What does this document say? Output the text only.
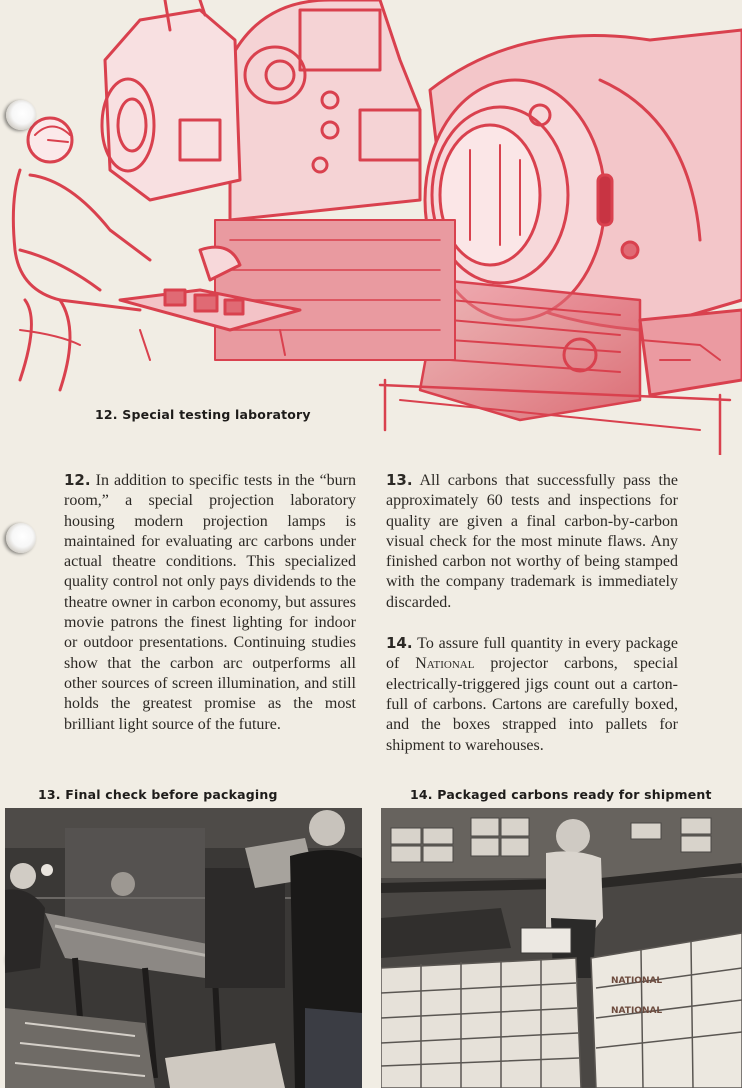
12. Special testing laboratory

12. In addition to specific tests in the “burn room,” a special projection laboratory housing modern projection lamps is maintained for evaluating arc carbons under actual theatre conditions. This specialized quality control not only pays dividends to the theatre owner in carbon economy, but assures movie patrons the finest lighting for indoor or outdoor presentations. Continuing studies show that the carbon arc outperforms all other sources of screen illumination, and still holds the greatest promise as the most brilliant light source of the future.

13. All carbons that successfully pass the approximately 60 tests and inspections for quality are given a final carbon-by-carbon visual check for the most minute flaws. Any finished carbon not worthy of being stamped with the company trademark is immediately discarded.

14. To assure full quantity in every package of National projector carbons, special electrically-triggered jigs count out a carton-full of carbons. Cartons are carefully boxed, and the boxes strapped into pallets for shipment to warehouses.

13. Final check before packaging	14. Packaged carbons ready for shipment
NATIONAL
NATIONAL
